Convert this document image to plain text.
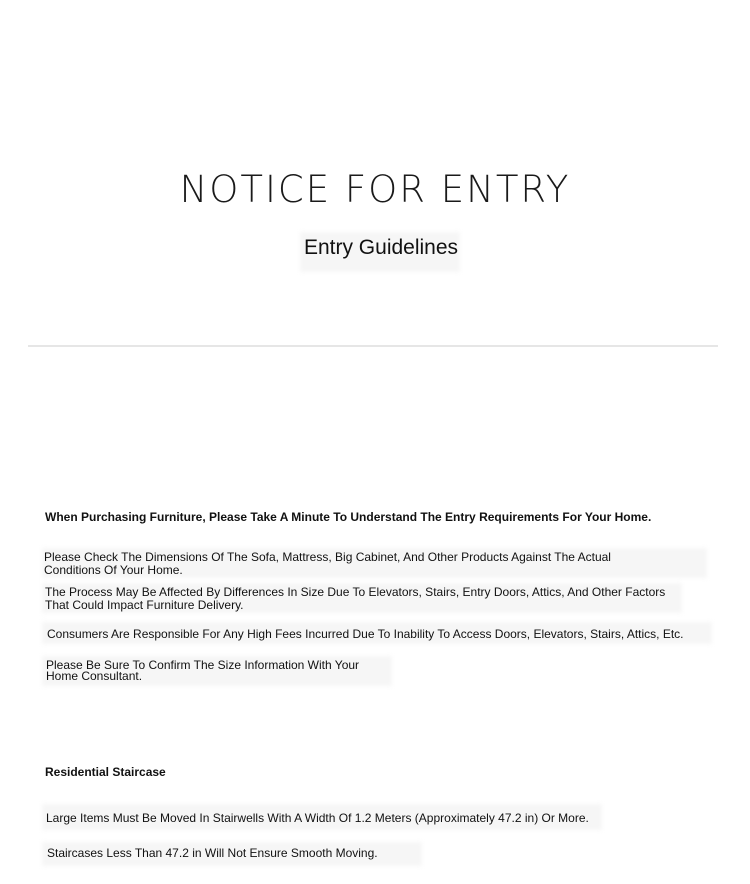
NOTICE FOR ENTRY
Entry Guidelines
When Purchasing Furniture, Please Take A Minute To Understand The Entry Requirements For Your Home.
Please Check The Dimensions Of The Sofa, Mattress, Big Cabinet, And Other Products Against The Actual
Conditions Of Your Home.
The Process May Be Affected By Differences In Size Due To Elevators, Stairs, Entry Doors, Attics, And Other Factors
That Could Impact Furniture Delivery.
Consumers Are Responsible For Any High Fees Incurred Due To Inability To Access Doors, Elevators, Stairs, Attics, Etc.
Please Be Sure To Confirm The Size Information With Your
Home Consultant.
Residential Staircase
Large Items Must Be Moved In Stairwells With A Width Of 1.2 Meters (Approximately 47.2 in) Or More.
Staircases Less Than 47.2 in Will Not Ensure Smooth Moving.
